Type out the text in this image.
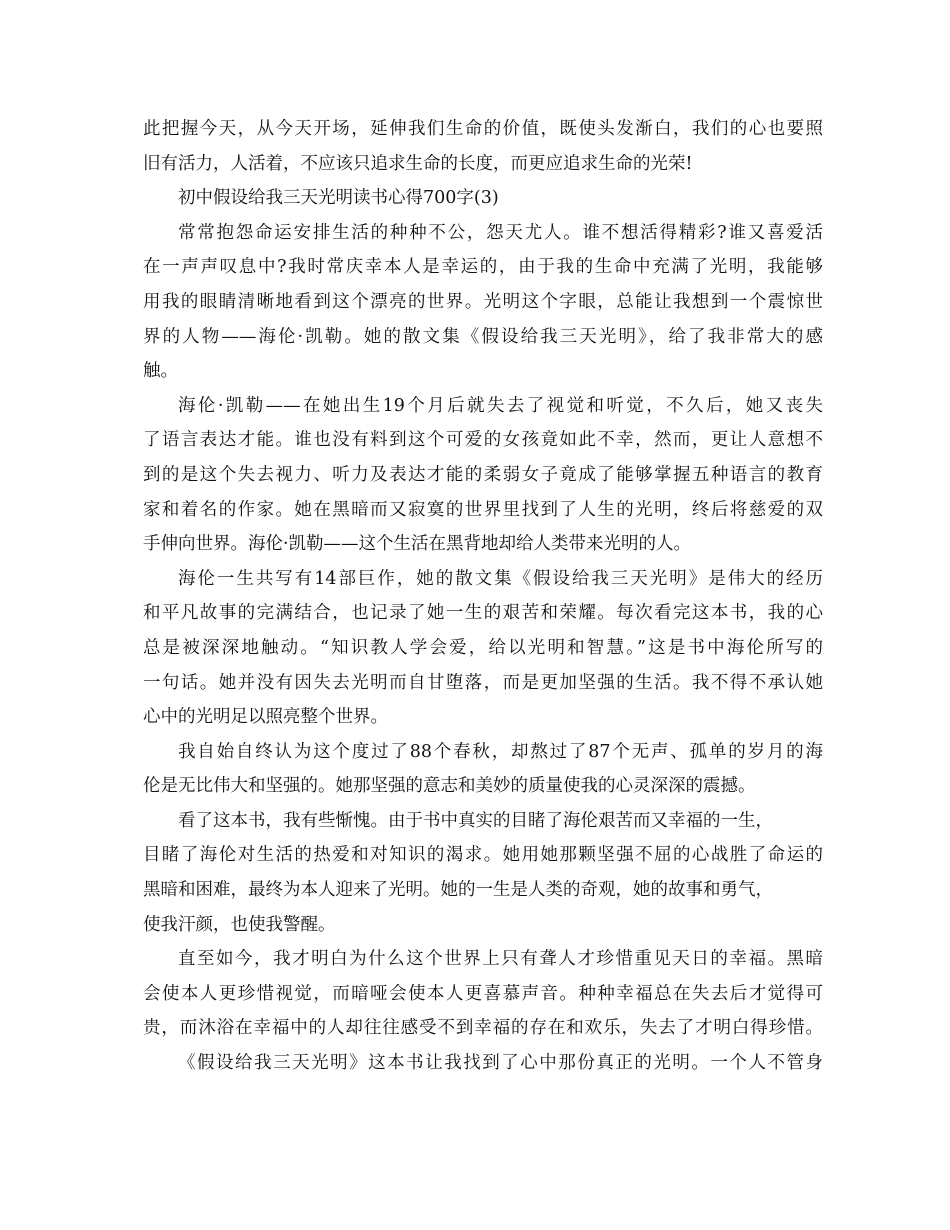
此把握今天，从今天开场，延伸我们生命的价值，既使头发渐白，我们的心也要照
旧有活力，人活着，不应该只追求生命的长度，而更应追求生命的光荣!
初中假设给我三天光明读书心得700字(3)
常常抱怨命运安排生活的种种不公，怨天尤人。谁不想活得精彩?谁又喜爱活
在一声声叹息中?我时常庆幸本人是幸运的，由于我的生命中充满了光明，我能够
用我的眼睛清晰地看到这个漂亮的世界。光明这个字眼，总能让我想到一个震惊世
界的人物——海伦·凯勒。她的散文集《假设给我三天光明》，给了我非常大的感
触。
海伦·凯勒——在她出生19个月后就失去了视觉和听觉，不久后，她又丧失
了语言表达才能。谁也没有料到这个可爱的女孩竟如此不幸，然而，更让人意想不
到的是这个失去视力、听力及表达才能的柔弱女子竟成了能够掌握五种语言的教育
家和着名的作家。她在黑暗而又寂寞的世界里找到了人生的光明，终后将慈爱的双
手伸向世界。海伦·凯勒——这个生活在黑背地却给人类带来光明的人。
海伦一生共写有14部巨作，她的散文集《假设给我三天光明》是伟大的经历
和平凡故事的完满结合，也记录了她一生的艰苦和荣耀。每次看完这本书，我的心
总是被深深地触动。“知识教人学会爱，给以光明和智慧。”这是书中海伦所写的
一句话。她并没有因失去光明而自甘堕落，而是更加坚强的生活。我不得不承认她
心中的光明足以照亮整个世界。
我自始自终认为这个度过了88个春秋，却熬过了87个无声、孤单的岁月的海
伦是无比伟大和坚强的。她那坚强的意志和美妙的质量使我的心灵深深的震撼。
看了这本书，我有些惭愧。由于书中真实的目睹了海伦艰苦而又幸福的一生，
目睹了海伦对生活的热爱和对知识的渴求。她用她那颗坚强不屈的心战胜了命运的
黑暗和困难，最终为本人迎来了光明。她的一生是人类的奇观，她的故事和勇气，
使我汗颜，也使我警醒。
直至如今，我才明白为什么这个世界上只有聋人才珍惜重见天日的幸福。黑暗
会使本人更珍惜视觉，而暗哑会使本人更喜慕声音。种种幸福总在失去后才觉得可
贵，而沐浴在幸福中的人却往往感受不到幸福的存在和欢乐，失去了才明白得珍惜。
《假设给我三天光明》这本书让我找到了心中那份真正的光明。一个人不管身
